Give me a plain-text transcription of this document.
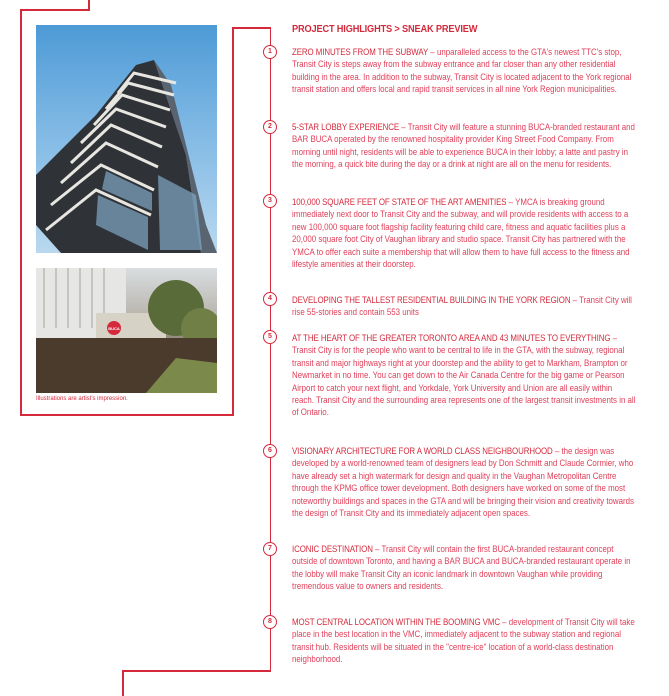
BUCA
Illustrations are artist's impression.
PROJECT HIGHLIGHTS > SNEAK PREVIEW
1	ZERO MINUTES FROM THE SUBWAY – unparalleled access to the GTA's newest TTC's stop, Transit City is steps away from the subway entrance and far closer than any other residential building in the area. In addition to the subway, Transit City is located adjacent to the York regional transit station and offers local and rapid transit services in all nine York Region municipalities.
2	5-STAR LOBBY EXPERIENCE – Transit City will feature a stunning BUCA-branded restaurant and BAR BUCA operated by the renowned hospitality provider King Street Food Company. From morning until night, residents will be able to experience BUCA in their lobby; a latte and pastry in the morning, a quick bite during the day or a drink at night are all on the menu for residents.
3	100,000 SQUARE FEET OF STATE OF THE ART AMENITIES – YMCA is breaking ground immediately next door to Transit City and the subway, and will provide residents with access to a new 100,000 square foot flagship facility featuring child care, fitness and aquatic facilities plus a 20,000 square foot City of Vaughan library and studio space. Transit City has partnered with the YMCA to offer each suite a membership that will allow them to have full access to the fitness and lifestyle amenities at their doorstep.
4	DEVELOPING THE TALLEST RESIDENTIAL BUILDING IN THE YORK REGION – Transit City will rise 55-stories and contain 553 units
5	AT THE HEART OF THE GREATER TORONTO AREA AND 43 MINUTES TO EVERYTHING – Transit City is for the people who want to be central to life in the GTA, with the subway, regional transit and major highways right at your doorstep and the ability to get to Markham, Brampton or Newmarket in no time. You can get down to the Air Canada Centre for the big game or Pearson Airport to catch your next flight, and Yorkdale, York University and Union are all easily within reach. Transit City and the surrounding area represents one of the largest transit investments in all of Ontario.
6	VISIONARY ARCHITECTURE FOR A WORLD CLASS NEIGHBOURHOOD – the design was developed by a world-renowned team of designers lead by Don Schmitt and Claude Cormier, who have already set a high watermark for design and quality in the Vaughan Metropolitan Centre through the KPMG office tower development. Both designers have worked on some of the most noteworthy buildings and spaces in the GTA and will be bringing their vision and creativity towards the design of Transit City and its immediately adjacent open spaces.
7	ICONIC DESTINATION – Transit City will contain the first BUCA-branded restaurant concept outside of downtown Toronto, and having a BAR BUCA and BUCA-branded restaurant operate in the lobby will make Transit City an iconic landmark in downtown Vaughan while providing tremendous value to owners and residents.
8	MOST CENTRAL LOCATION WITHIN THE BOOMING VMC – development of Transit City will take place in the best location in the VMC, immediately adjacent to the subway station and regional transit hub. Residents will be situated in the "centre-ice" location of a world-class destination neighborhood.
